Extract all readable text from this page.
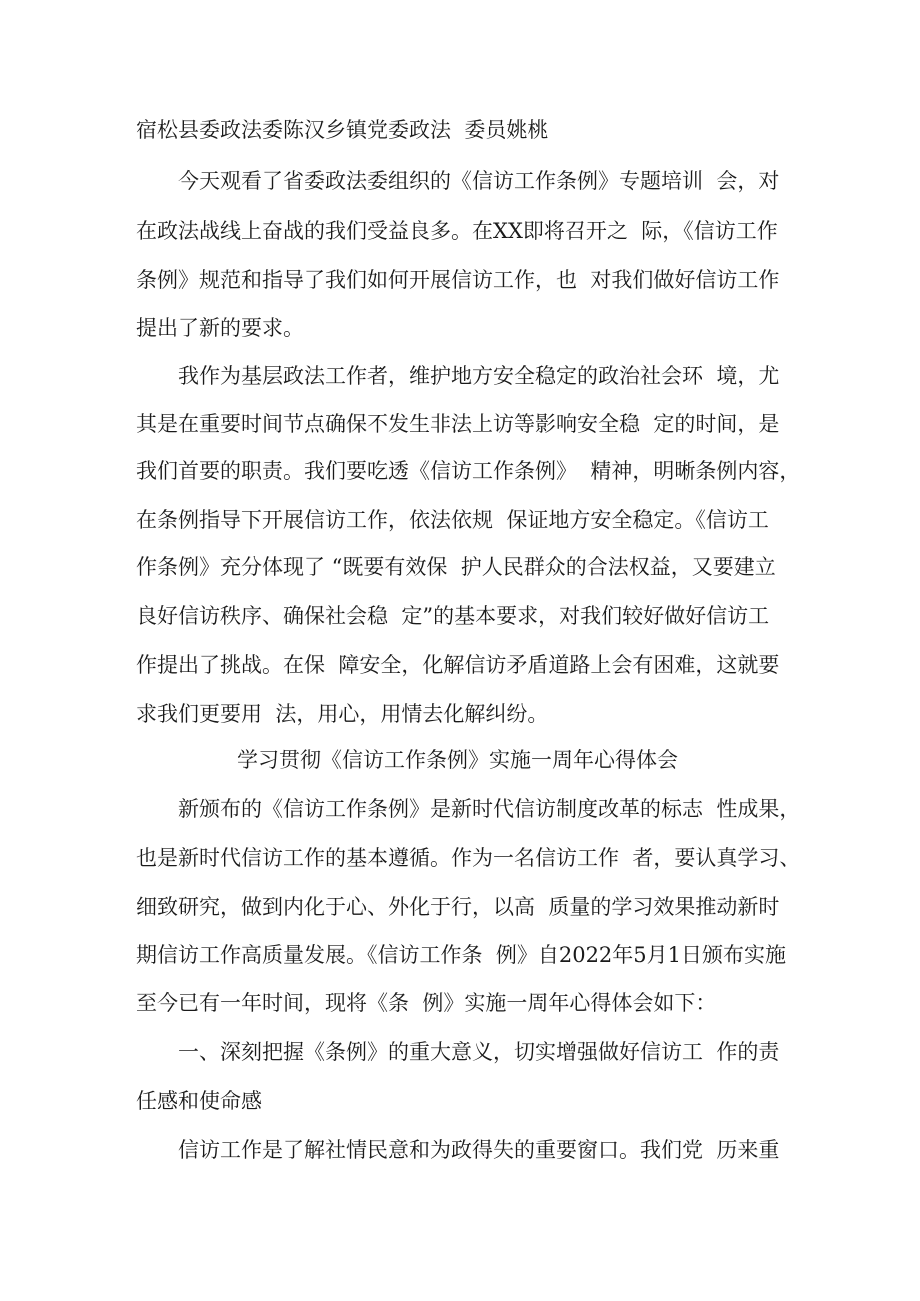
宿松县委政法委陈汉乡镇党委政法  委员姚桃
今天观看了省委政法委组织的《信访工作条例》专题培训  会，对
在政法战线上奋战的我们受益良多。在XX即将召开之  际，《信访工作
条例》规范和指导了我们如何开展信访工作，也  对我们做好信访工作
提出了新的要求。
我作为基层政法工作者，维护地方安全稳定的政治社会环  境，尤
其是在重要时间节点确保不发生非法上访等影响安全稳  定的时间，是
我们首要的职责。我们要吃透《信访工作条例》  精神，明晰条例内容，
在条例指导下开展信访工作，依法依规  保证地方安全稳定。《信访工
作条例》充分体现了 “既要有效保  护人民群众的合法权益，又要建立
良好信访秩序、确保社会稳  定”的基本要求，对我们较好做好信访工
作提出了挑战。在保  障安全，化解信访矛盾道路上会有困难，这就要
求我们更要用  法，用心，用情去化解纠纷。
学习贯彻《信访工作条例》实施一周年心得体会
新颁布的《信访工作条例》是新时代信访制度改革的标志  性成果，
也是新时代信访工作的基本遵循。作为一名信访工作  者，要认真学习、
细致研究，做到内化于心、外化于行，以高  质量的学习效果推动新时
期信访工作高质量发展。《信访工作条  例》自2022年5月1日颁布实施
至今已有一年时间，现将《条  例》实施一周年心得体会如下：
一、深刻把握《条例》的重大意义，切实增强做好信访工  作的责
任感和使命感
信访工作是了解社情民意和为政得失的重要窗口。我们党  历来重
